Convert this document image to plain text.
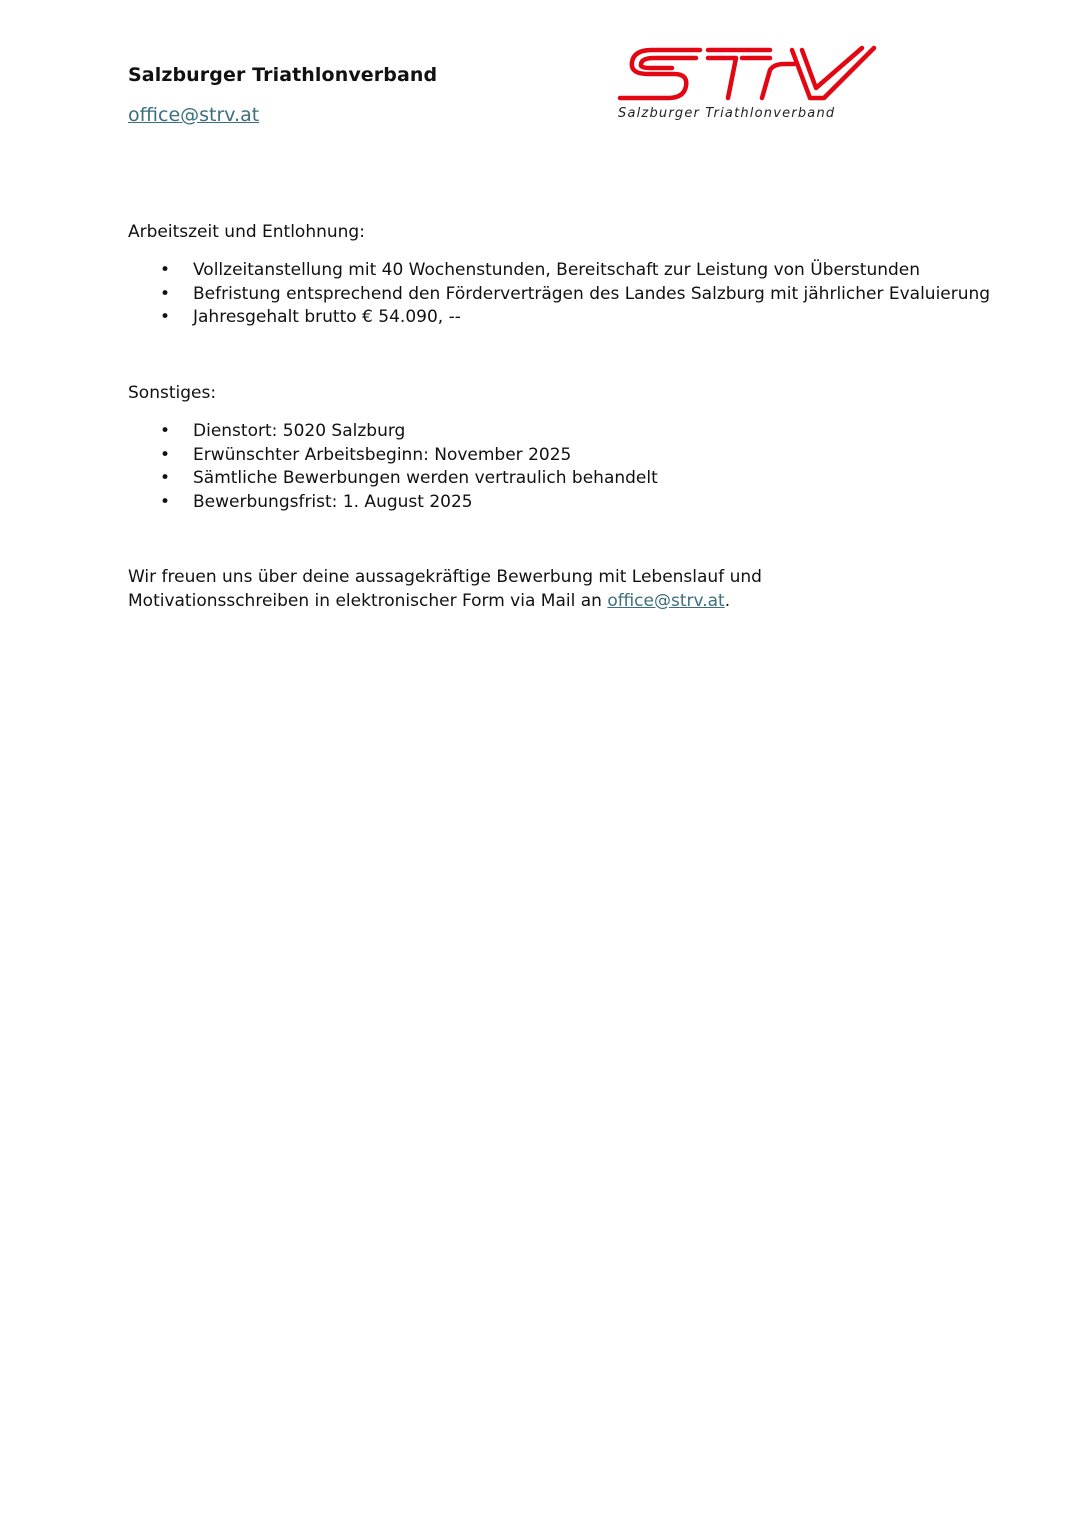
Salzburger Triathlonverband
office@strv.at	Salzburger Triathlonverband
Arbeitszeit und Entlohnung:
• Vollzeitanstellung mit 40 Wochenstunden, Bereitschaft zur Leistung von Überstunden
• Befristung entsprechend den Förderverträgen des Landes Salzburg mit jährlicher Evaluierung
• Jahresgehalt brutto € 54.090, --
Sonstiges:
• Dienstort: 5020 Salzburg
• Erwünschter Arbeitsbeginn: November 2025
• Sämtliche Bewerbungen werden vertraulich behandelt
• Bewerbungsfrist: 1. August 2025

Wir freuen uns über deine aussagekräftige Bewerbung mit Lebenslauf und Motivationsschreiben in elektronischer Form via Mail an office@strv.at.
